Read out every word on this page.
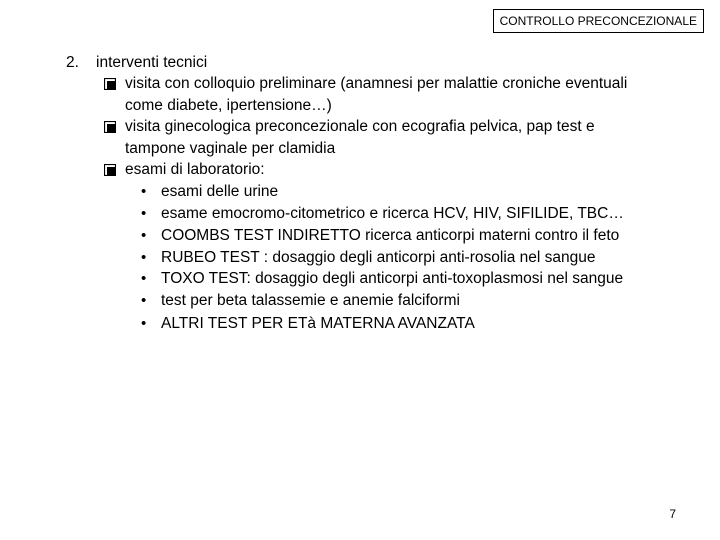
CONTROLLO PRECONCEZIONALE
2. interventi tecnici
visita con colloquio preliminare (anamnesi per malattie croniche eventuali
come diabete, ipertensione…)
visita ginecologica preconcezionale con ecografia pelvica, pap test e
tampone vaginale per clamidia
esami di laboratorio:
• esami delle urine
• esame emocromo-citometrico e ricerca HCV, HIV, SIFILIDE, TBC…
• COOMBS TEST INDIRETTO ricerca anticorpi materni contro il feto
• RUBEO TEST : dosaggio degli anticorpi anti-rosolia nel sangue
• TOXO TEST: dosaggio degli anticorpi anti-toxoplasmosi nel sangue
• test per beta talassemie e anemie falciformi
• ALTRI TEST PER ETà MATERNA AVANZATA
7
